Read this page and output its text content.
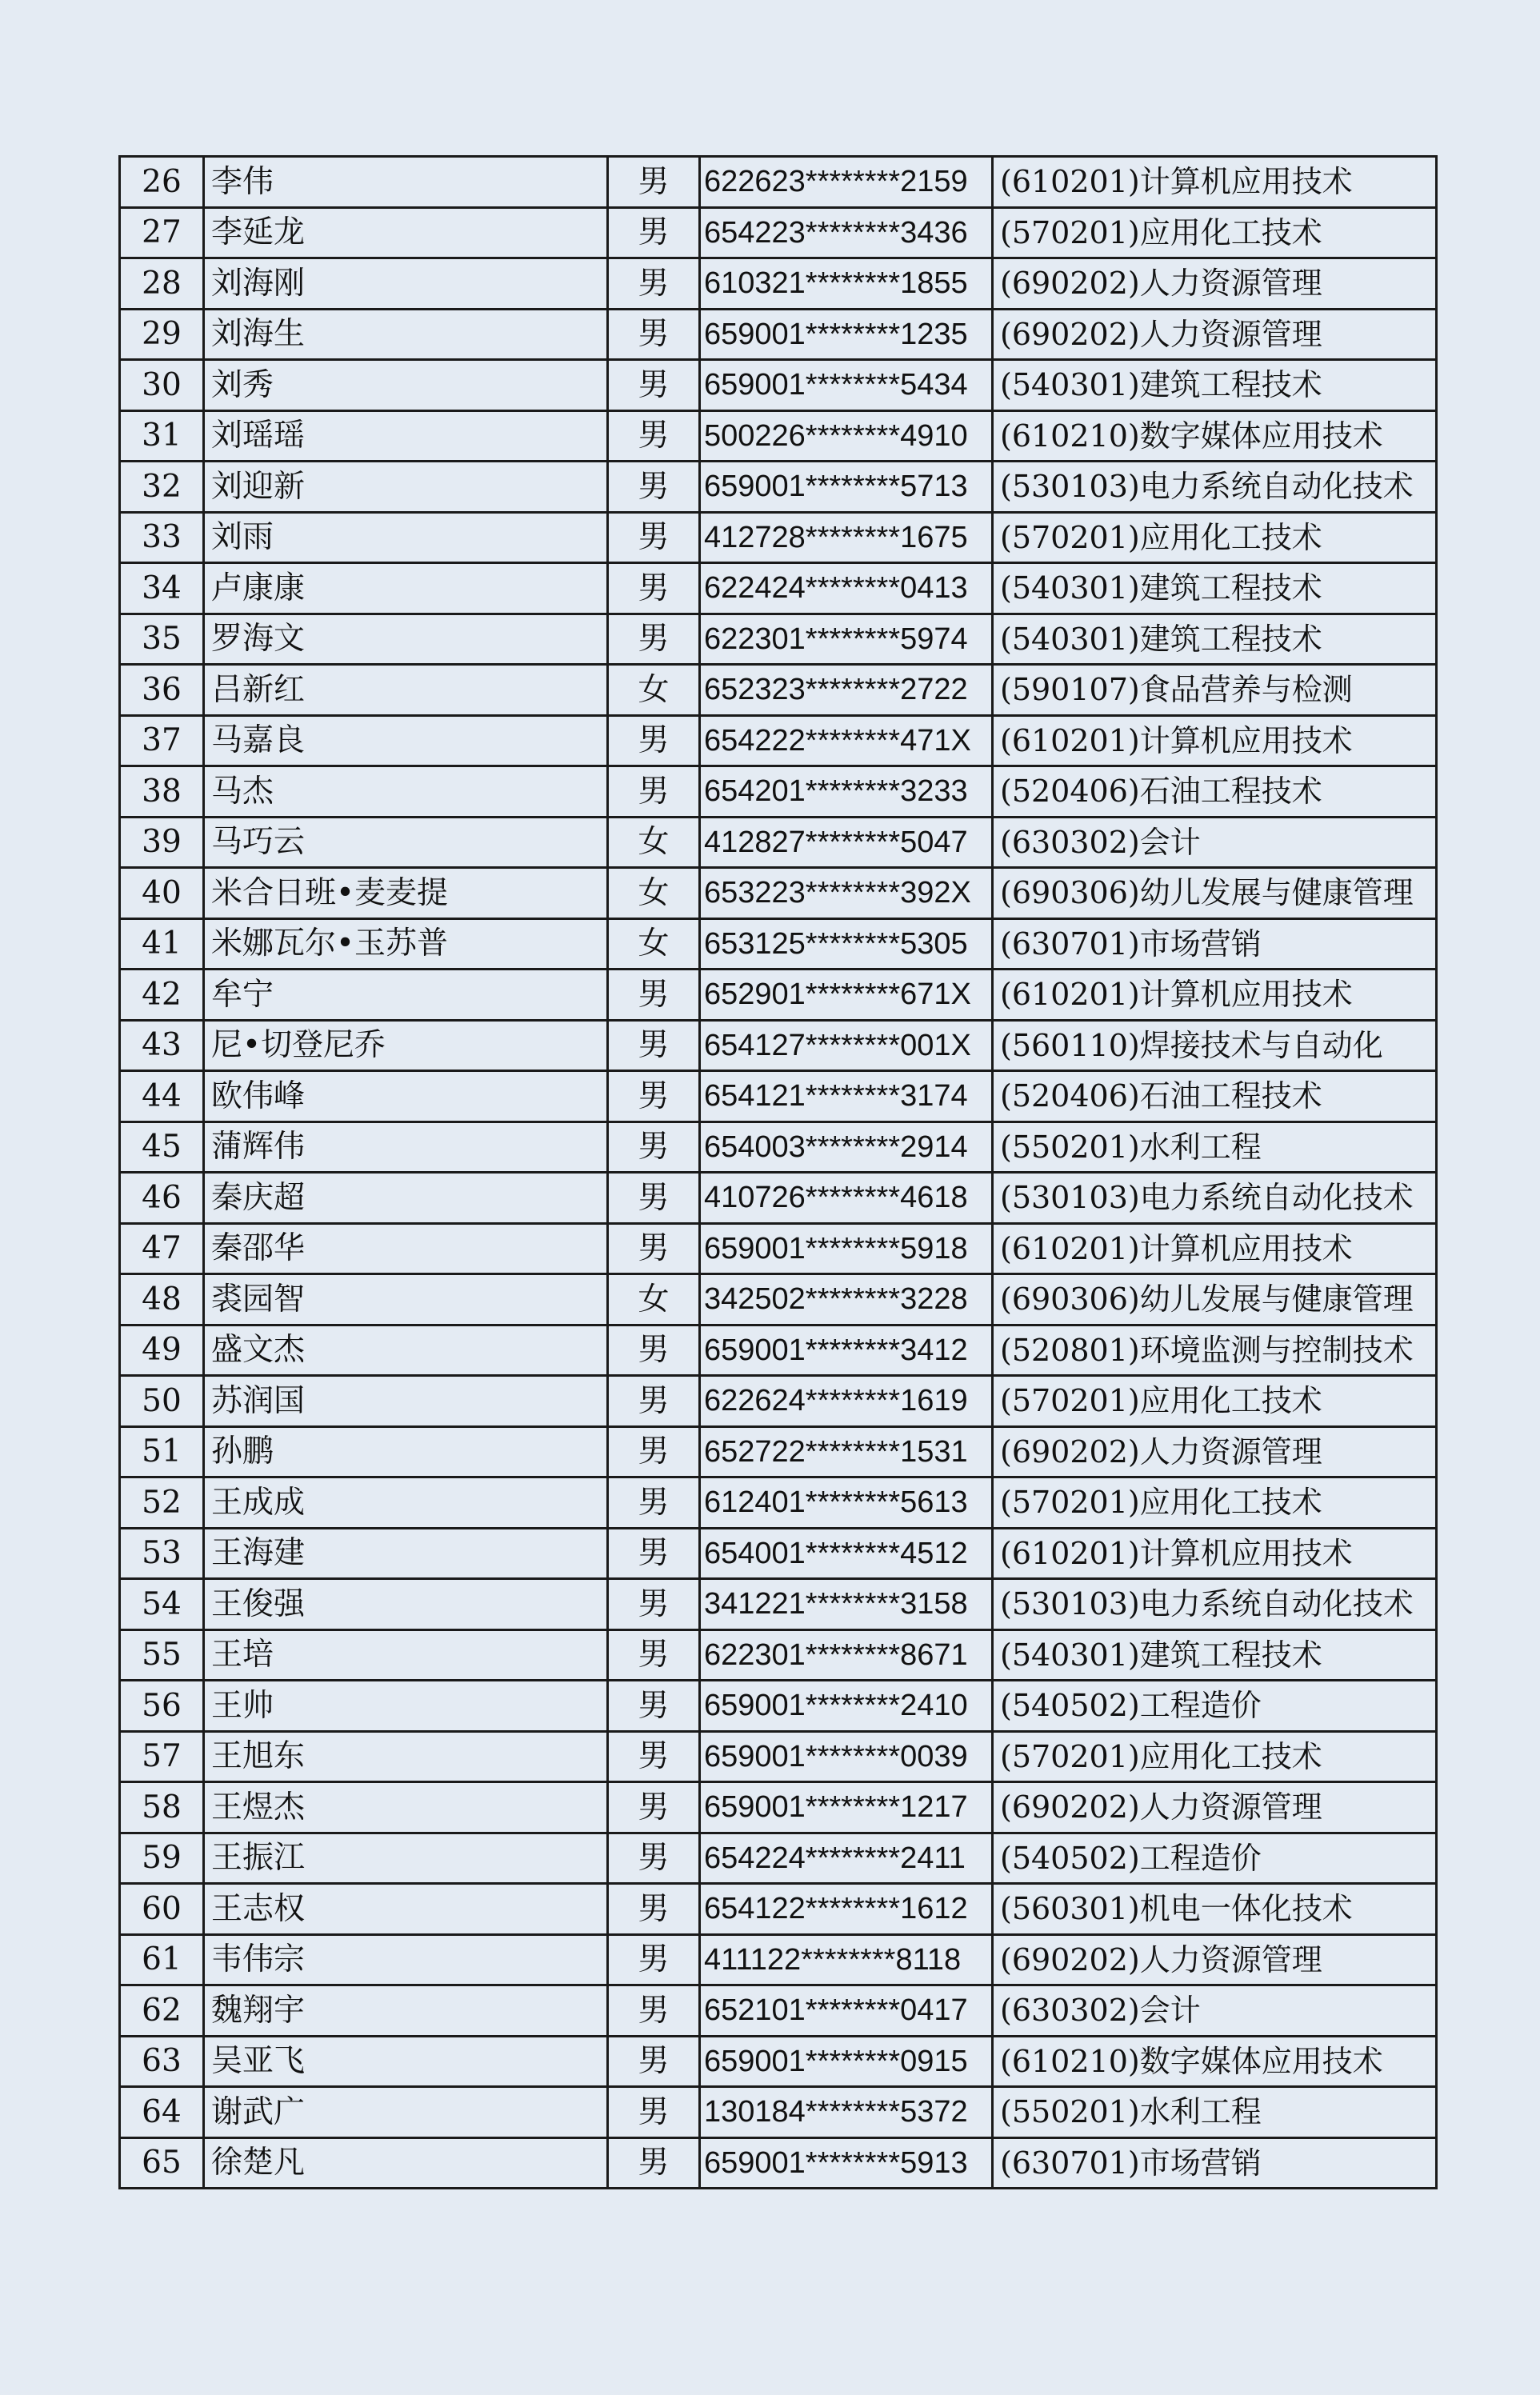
26	李伟	男	622623********2159	(610201)计算机应用技术
27	李延龙	男	654223********3436	(570201)应用化工技术
28	刘海刚	男	610321********1855	(690202)人力资源管理
29	刘海生	男	659001********1235	(690202)人力资源管理
30	刘秀	男	659001********5434	(540301)建筑工程技术
31	刘瑶瑶	男	500226********4910	(610210)数字媒体应用技术
32	刘迎新	男	659001********5713	(530103)电力系统自动化技术
33	刘雨	男	412728********1675	(570201)应用化工技术
34	卢康康	男	622424********0413	(540301)建筑工程技术
35	罗海文	男	622301********5974	(540301)建筑工程技术
36	吕新红	女	652323********2722	(590107)食品营养与检测
37	马嘉良	男	654222********471X	(610201)计算机应用技术
38	马杰	男	654201********3233	(520406)石油工程技术
39	马巧云	女	412827********5047	(630302)会计
40	米合日班•麦麦提	女	653223********392X	(690306)幼儿发展与健康管理
41	米娜瓦尔•玉苏普	女	653125********5305	(630701)市场营销
42	牟宁	男	652901********671X	(610201)计算机应用技术
43	尼•切登尼乔	男	654127********001X	(560110)焊接技术与自动化
44	欧伟峰	男	654121********3174	(520406)石油工程技术
45	蒲辉伟	男	654003********2914	(550201)水利工程
46	秦庆超	男	410726********4618	(530103)电力系统自动化技术
47	秦邵华	男	659001********5918	(610201)计算机应用技术
48	裘园智	女	342502********3228	(690306)幼儿发展与健康管理
49	盛文杰	男	659001********3412	(520801)环境监测与控制技术
50	苏润国	男	622624********1619	(570201)应用化工技术
51	孙鹏	男	652722********1531	(690202)人力资源管理
52	王成成	男	612401********5613	(570201)应用化工技术
53	王海建	男	654001********4512	(610201)计算机应用技术
54	王俊强	男	341221********3158	(530103)电力系统自动化技术
55	王培	男	622301********8671	(540301)建筑工程技术
56	王帅	男	659001********2410	(540502)工程造价
57	王旭东	男	659001********0039	(570201)应用化工技术
58	王煜杰	男	659001********1217	(690202)人力资源管理
59	王振江	男	654224********2411	(540502)工程造价
60	王志权	男	654122********1612	(560301)机电一体化技术
61	韦伟宗	男	411122********8118	(690202)人力资源管理
62	魏翔宇	男	652101********0417	(630302)会计
63	吴亚飞	男	659001********0915	(610210)数字媒体应用技术
64	谢武广	男	130184********5372	(550201)水利工程
65	徐楚凡	男	659001********5913	(630701)市场营销
